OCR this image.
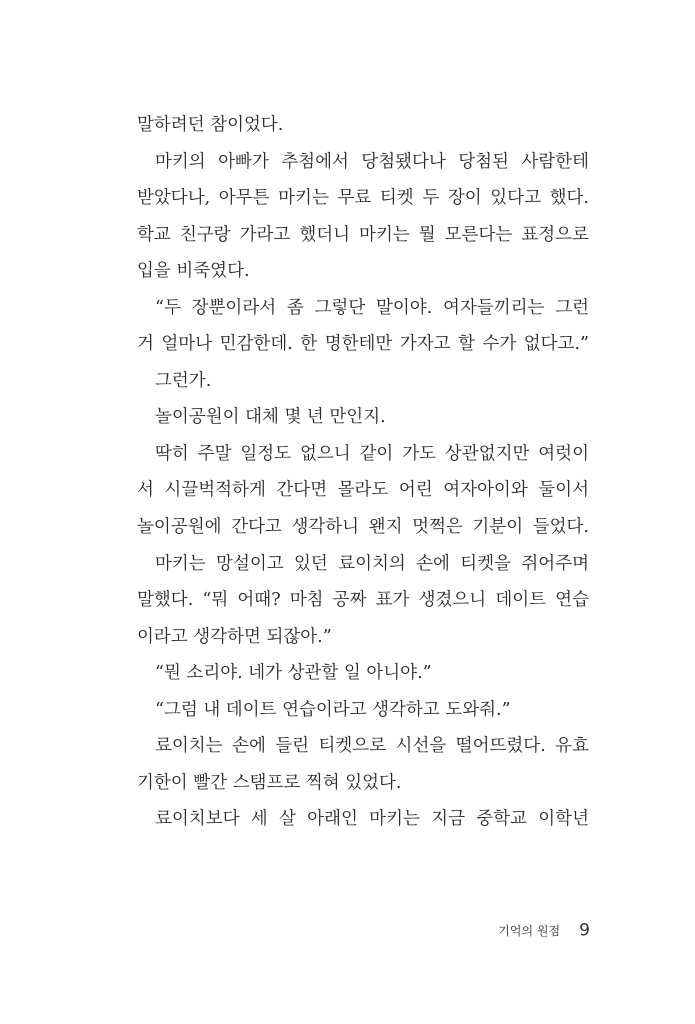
말하려던 참이었다.
마키의 아빠가 추첨에서 당첨됐다나 당첨된 사람한테
받았다나, 아무튼 마키는 무료 티켓 두 장이 있다고 했다.
학교 친구랑 가라고 했더니 마키는 뭘 모른다는 표정으로
입을 비죽였다.
“두 장뿐이라서 좀 그렇단 말이야. 여자들끼리는 그런
거 얼마나 민감한데. 한 명한테만 가자고 할 수가 없다고.”
그런가.
놀이공원이 대체 몇 년 만인지.
딱히 주말 일정도 없으니 같이 가도 상관없지만 여럿이
서 시끌벅적하게 간다면 몰라도 어린 여자아이와 둘이서
놀이공원에 간다고 생각하니 왠지 멋쩍은 기분이 들었다.
마키는 망설이고 있던 료이치의 손에 티켓을 쥐어주며
말했다. “뭐 어때? 마침 공짜 표가 생겼으니 데이트 연습
이라고 생각하면 되잖아.”
“뭔 소리야. 네가 상관할 일 아니야.”
“그럼 내 데이트 연습이라고 생각하고 도와줘.”
료이치는 손에 들린 티켓으로 시선을 떨어뜨렸다. 유효
기한이 빨간 스탬프로 찍혀 있었다.
료이치보다 세 살 아래인 마키는 지금 중학교 이학년
기억의 원점 9
